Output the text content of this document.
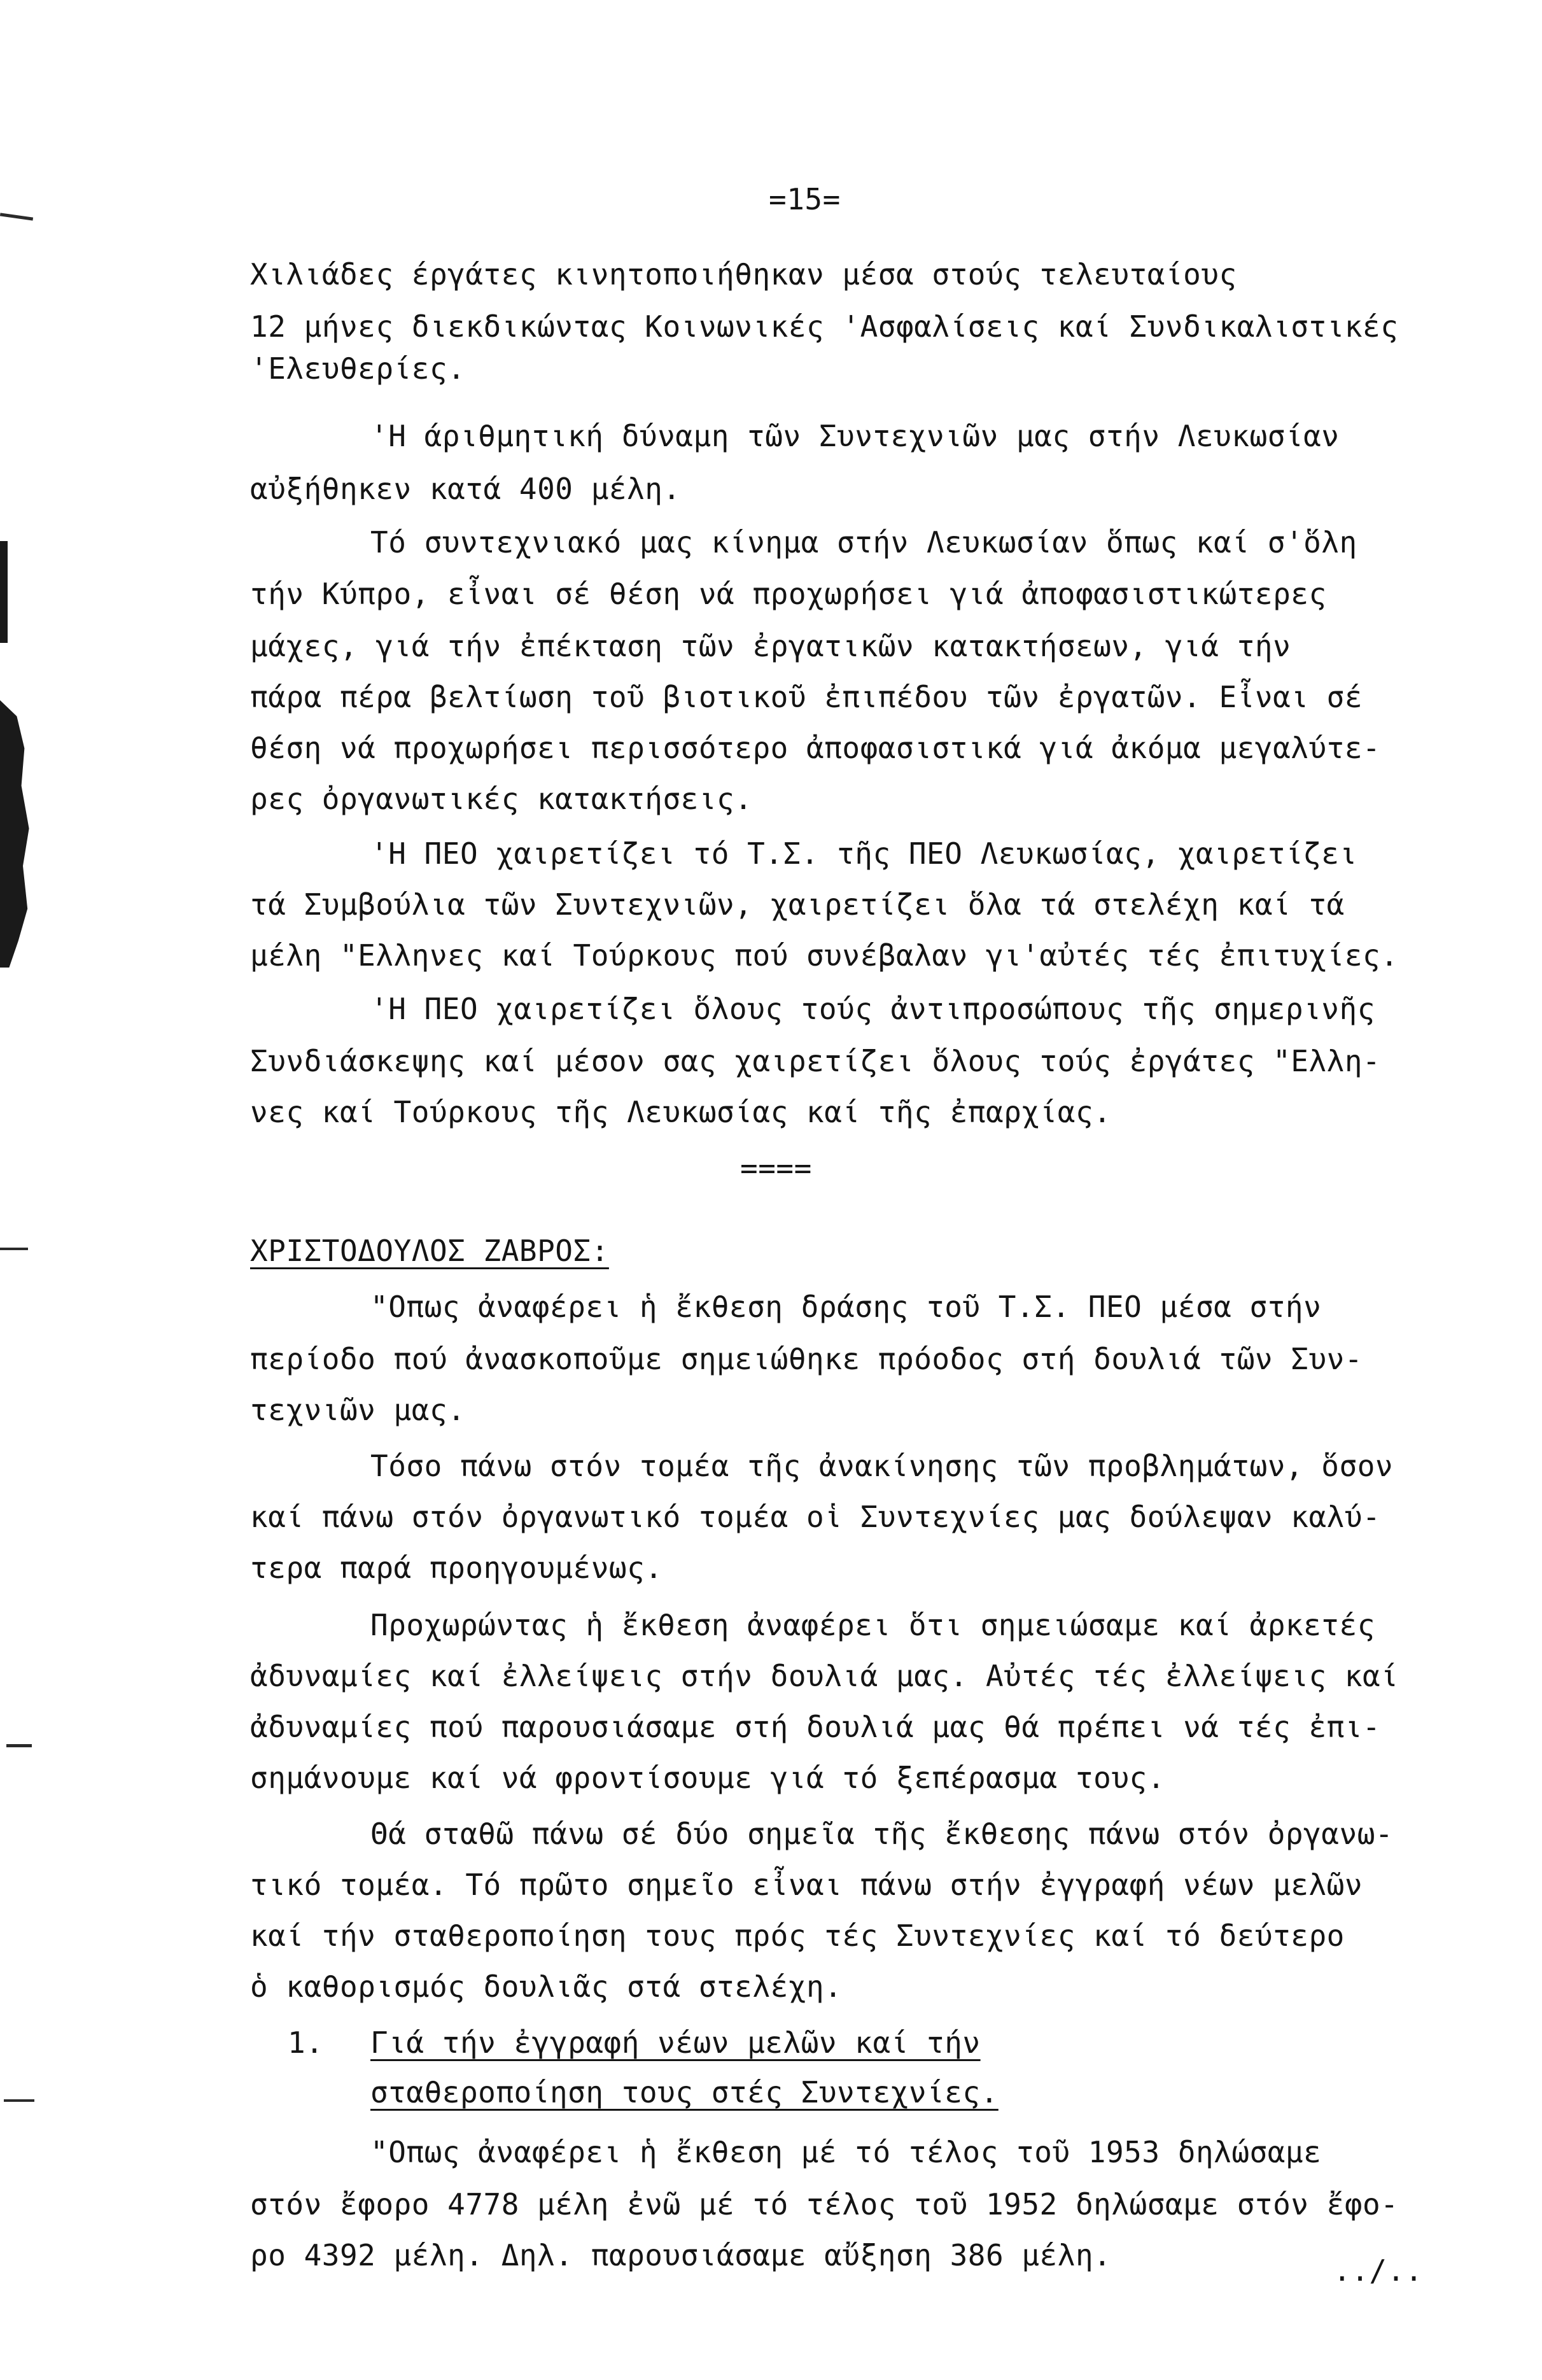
=15=
Χιλιάδες έργάτες κινητοποιήθηκαν μέσα στούς τελευταίους
12 μήνες διεκδικώντας Κοινωνικές 'Ασφαλίσεις καί Συνδικαλιστικές
'Ελευθερίες.
'Η άριθμητική δύναμη τῶν Συντεχνιῶν μας στήν Λευκωσίαν
αὐξήθηκεν κατά 400 μέλη.
Τό συντεχνιακό μας κίνημα στήν Λευκωσίαν ὅπως καί σ'ὅλη
τήν Κύπρο, εἶναι σέ θέση νά προχωρήσει γιά ἀποφασιστικώτερες
μάχες, γιά τήν ἐπέκταση τῶν ἐργατικῶν κατακτήσεων, γιά τήν
πάρα πέρα βελτίωση τοῦ βιοτικοῦ ἐπιπέδου τῶν ἐργατῶν. Εἶναι σέ
θέση νά προχωρήσει περισσότερο ἀποφασιστικά γιά ἀκόμα μεγαλύτε-
ρες ὀργανωτικές κατακτήσεις.
'Η ΠΕΟ χαιρετίζει τό Τ.Σ. τῆς ΠΕΟ Λευκωσίας, χαιρετίζει
τά Συμβούλια τῶν Συντεχνιῶν, χαιρετίζει ὅλα τά στελέχη καί τά
μέλη "Ελληνες καί Τούρκους πού συνέβαλαν γι'αὐτές τές ἐπιτυχίες.
'Η ΠΕΟ χαιρετίζει ὅλους τούς ἀντιπροσώπους τῆς σημερινῆς
Συνδιάσκεψης καί μέσον σας χαιρετίζει ὅλους τούς ἐργάτες "Ελλη-
νες καί Τούρκους τῆς Λευκωσίας καί τῆς ἐπαρχίας.
====
ΧΡΙΣΤΟΔΟΥΛΟΣ ΖΑΒΡΟΣ:
"Οπως ἀναφέρει ἡ ἔκθεση δράσης τοῦ Τ.Σ. ΠΕΟ μέσα στήν
περίοδο πού ἀνασκοποῦμε σημειώθηκε πρόοδος στή δουλιά τῶν Συν-
τεχνιῶν μας.
Τόσο πάνω στόν τομέα τῆς ἀνακίνησης τῶν προβλημάτων, ὅσον
καί πάνω στόν ὀργανωτικό τομέα οἱ Συντεχνίες μας δούλεψαν καλύ-
τερα παρά προηγουμένως.
Προχωρώντας ἡ ἔκθεση ἀναφέρει ὅτι σημειώσαμε καί ἀρκετές
ἀδυναμίες καί ἐλλείψεις στήν δουλιά μας. Αὐτές τές ἐλλείψεις καί
ἀδυναμίες πού παρουσιάσαμε στή δουλιά μας θά πρέπει νά τές ἐπι-
σημάνουμε καί νά φροντίσουμε γιά τό ξεπέρασμα τους.
Θά σταθῶ πάνω σέ δύο σημεῖα τῆς ἔκθεσης πάνω στόν ὀργανω-
τικό τομέα. Τό πρῶτο σημεῖο εἶναι πάνω στήν ἐγγραφή νέων μελῶν
καί τήν σταθεροποίηση τους πρός τές Συντεχνίες καί τό δεύτερο
ὁ καθορισμός δουλιᾶς στά στελέχη.
1. Γιά τήν ἐγγραφή νέων μελῶν καί τήν
σταθεροποίηση τους στές Συντεχνίες.
"Οπως ἀναφέρει ἡ ἔκθεση μέ τό τέλος τοῦ 1953 δηλώσαμε
στόν ἔφορο 4778 μέλη ἐνῶ μέ τό τέλος τοῦ 1952 δηλώσαμε στόν ἔφο-
ρο 4392 μέλη. Δηλ. παρουσιάσαμε αὔξηση 386 μέλη.	../..
